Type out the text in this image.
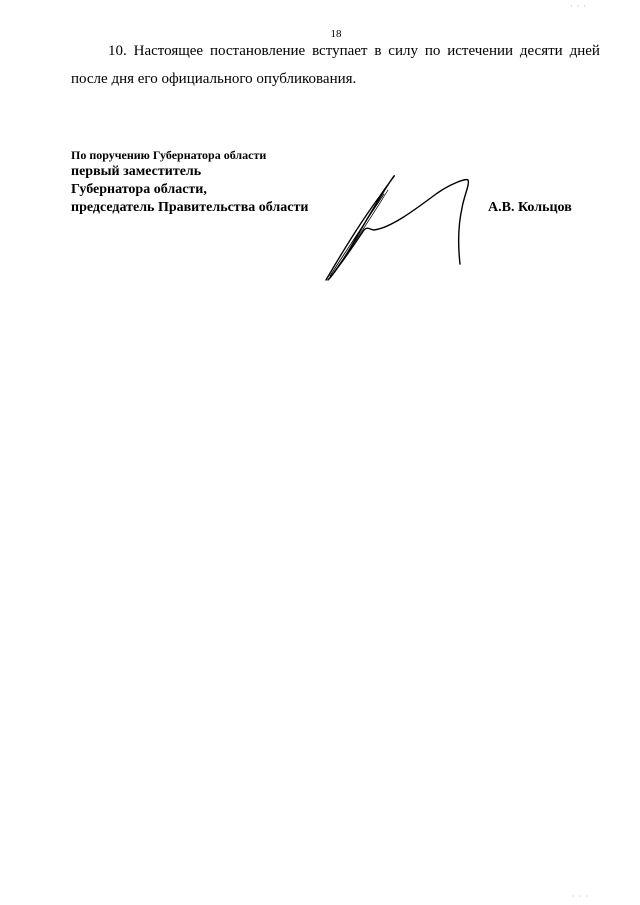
18
10. Настоящее постановление вступает в силу по истечении десяти дней
после дня его официального опубликования.
По поручению Губернатора области
первый заместитель
Губернатора области,
председатель Правительства области	А.В. Кольцов
· · ·
· · ·
